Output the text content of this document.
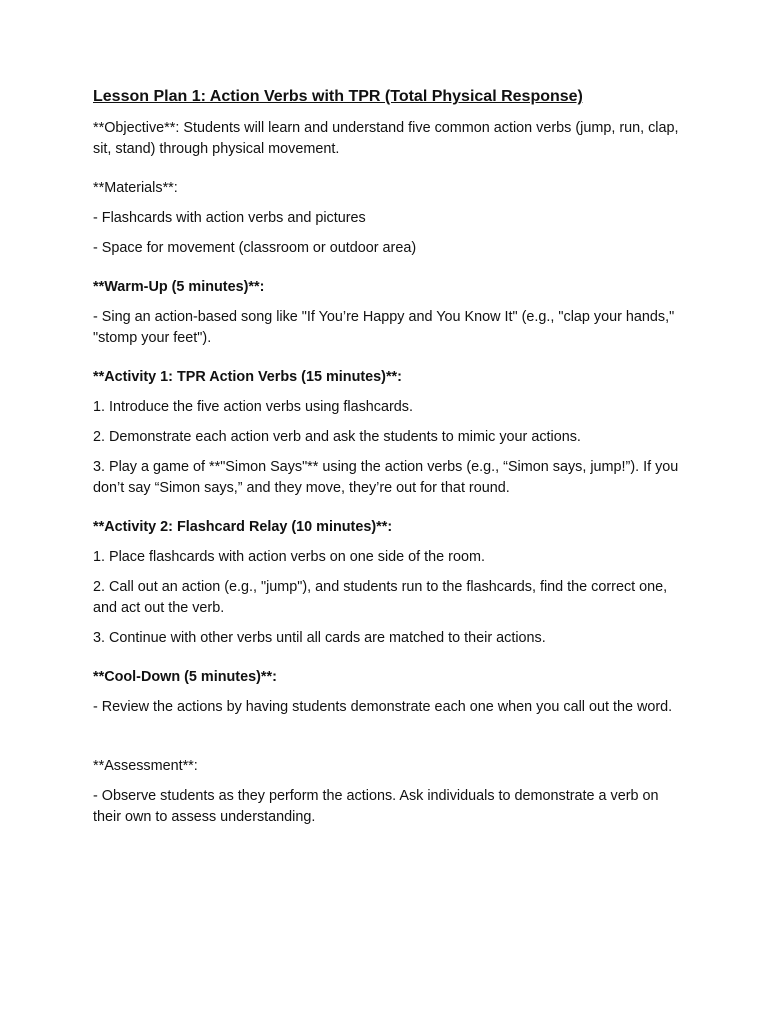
Lesson Plan 1: Action Verbs with TPR (Total Physical Response)

**Objective**: Students will learn and understand five common action verbs (jump, run, clap, sit, stand) through physical movement.

**Materials**:

- Flashcards with action verbs and pictures

- Space for movement (classroom or outdoor area)

**Warm-Up (5 minutes)**:

- Sing an action-based song like "If You’re Happy and You Know It" (e.g., "clap your hands," "stomp your feet").

**Activity 1: TPR Action Verbs (15 minutes)**:

1. Introduce the five action verbs using flashcards.

2. Demonstrate each action verb and ask the students to mimic your actions.

3. Play a game of **"Simon Says"** using the action verbs (e.g., “Simon says, jump!”). If you don’t say “Simon says,” and they move, they’re out for that round.

**Activity 2: Flashcard Relay (10 minutes)**:

1. Place flashcards with action verbs on one side of the room.

2. Call out an action (e.g., "jump"), and students run to the flashcards, find the correct one, and act out the verb.

3. Continue with other verbs until all cards are matched to their actions.

**Cool-Down (5 minutes)**:

- Review the actions by having students demonstrate each one when you call out the word.

**Assessment**:

- Observe students as they perform the actions. Ask individuals to demonstrate a verb on their own to assess understanding.
